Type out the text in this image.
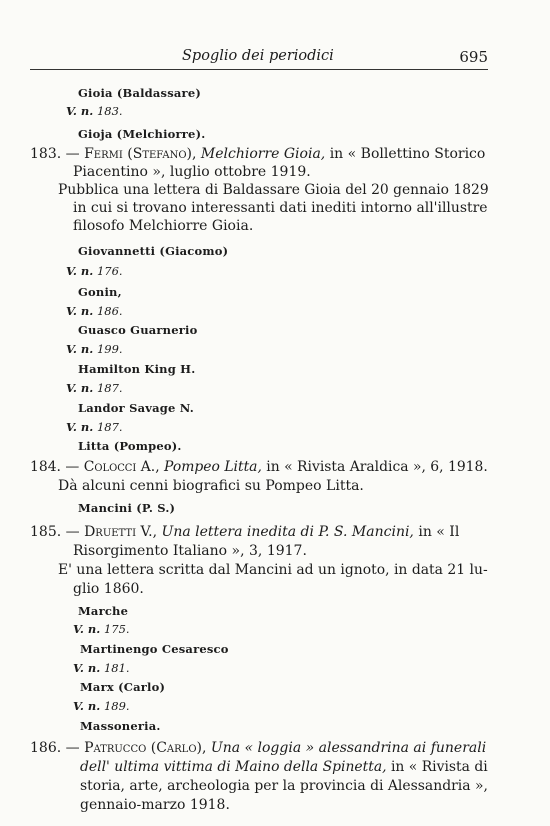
Spoglio dei periodici	695
Gioia (Baldassare)
V. n. 183.
Gioja (Melchiorre).
183. — Fermi (Stefano), Melchiorre Gioia, in « Bollettino Storico
Piacentino », luglio ottobre 1919.
Pubblica una lettera di Baldassare Gioia del 20 gennaio 1829
in cui si trovano interessanti dati inediti intorno all'illustre
filosofo Melchiorre Gioia.
Giovannetti (Giacomo)
V. n. 176.
Gonin,
V. n. 186.
Guasco Guarnerio
V. n. 199.
Hamilton King H.
V. n. 187.
Landor Savage N.
V. n. 187.
Litta (Pompeo).
184. — Colocci A., Pompeo Litta, in « Rivista Araldica », 6, 1918.
Dà alcuni cenni biografici su Pompeo Litta.
Mancini (P. S.)
185. — Druetti V., Una lettera inedita di P. S. Mancini, in « Il
Risorgimento Italiano », 3, 1917.
E' una lettera scritta dal Mancini ad un ignoto, in data 21 lu-
glio 1860.
Marche
V. n. 175.
Martinengo Cesaresco
V. n. 181.
Marx (Carlo)
V. n. 189.
Massoneria.
186. — Patrucco (Carlo), Una « loggia » alessandrina ai funerali
dell' ultima vittima di Maino della Spinetta, in « Rivista di
storia, arte, archeologia per la provincia di Alessandria »,
gennaio-marzo 1918.
